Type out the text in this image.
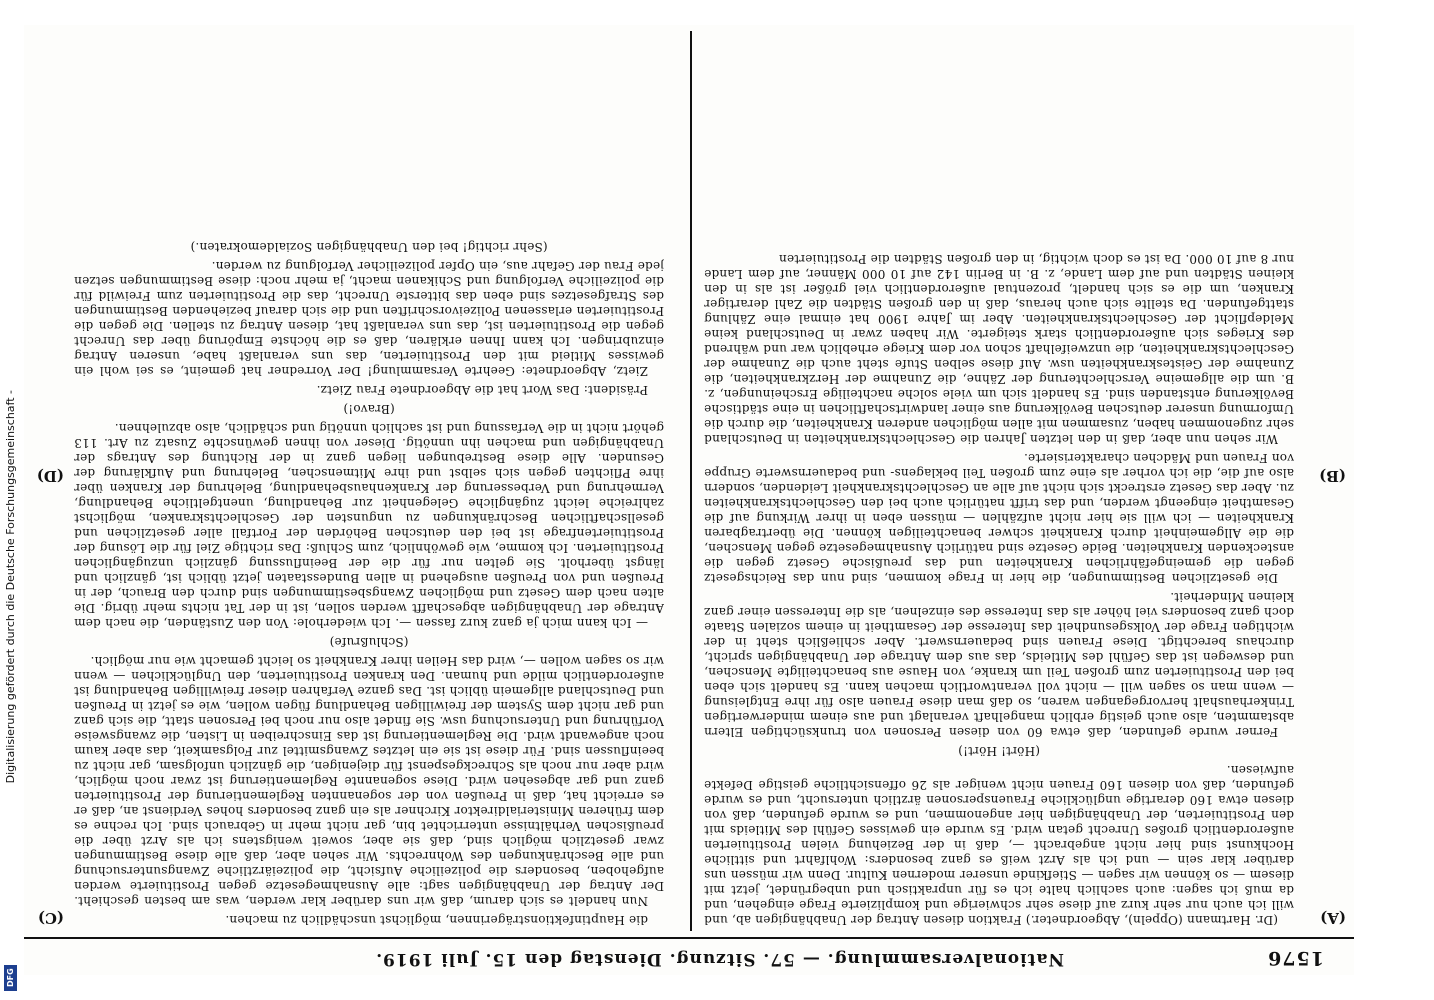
1576
Nationalversammlung. — 57. Sitzung. Dienstag den 15. Juli 1919.
(A)
(B)
(C)
(D)

(Dr. Hartmann (Oppeln), Abgeordneter.) Fraktion diesen Antrag der Unabhängigen ab, und will ich auch nur sehr kurz auf diese sehr schwierige und komplizierte Frage eingehen, und da muß ich sagen: auch sachlich halte ich es für unpraktisch und unbegründet, jetzt mit diesem — so können wir sagen — Stiefkinde unserer modernen Kultur. Denn wir müssen uns darüber klar sein — und ich als Arzt weiß es ganz besonders: Wohlfahrt und sittliche Hochkunst sind hier nicht angebracht —, daß in der Beziehung vielen Prostituierten außerordentlich großes Unrecht getan wird. Es wurde ein gewisses Gefühl des Mitleids mit den Prostituierten, der Unabhängigen hier angenommen, und es wurde gefunden, daß von diesen etwa 160 derartige unglückliche Frauenspersonen ärztlich untersucht, und es wurde gefunden, daß von diesen 160 Frauen nicht weniger als 26 offensichtliche geistige Defekte aufwiesen.

(Hört! Hört!)

Ferner wurde gefunden, daß etwa 60 von diesen Personen von trunksüchtigen Eltern abstammten, also auch geistig erblich mangelhaft veranlagt und aus einem minderwertigen Trinkerhaushalt hervorgegangen waren, so daß man diese Frauen also für ihre Entgleisung — wenn man so sagen will — nicht voll verantwortlich machen kann. Es handelt sich eben bei den Prostituierten zum großen Teil um kranke, von Hause aus benachteiligte Menschen, und deswegen ist das Gefühl des Mitleids, das aus dem Antrage der Unabhängigen spricht, durchaus berechtigt. Diese Frauen sind bedauernswert. Aber schließlich steht in der wichtigen Frage der Volksgesundheit das Interesse der Gesamtheit in einem sozialen Staate doch ganz besonders viel höher als das Interesse des einzelnen, als die Interessen einer ganz kleinen Minderheit.

Die gesetzlichen Bestimmungen, die hier in Frage kommen, sind nun das Reichsgesetz gegen die gemeingefährlichen Krankheiten und das preußische Gesetz gegen die ansteckenden Krankheiten. Beide Gesetze sind natürlich Ausnahmegesetze gegen Menschen, die die Allgemeinheit durch Krankheit schwer benachteiligen können. Die übertragbaren Krankheiten — ich will sie hier nicht aufzählen — müssen eben in ihrer Wirkung auf die Gesamtheit eingeengt werden, und das trifft natürlich auch bei den Geschlechtskrankheiten zu. Aber das Gesetz erstreckt sich nicht auf alle an Geschlechtskrankheit Leidenden, sondern also auf die, die ich vorher als eine zum großen Teil beklagens- und bedauernswerte Gruppe von Frauen und Mädchen charakterisierte.

Wir sehen nun aber, daß in den letzten Jahren die Geschlechtskrankheiten in Deutschland sehr zugenommen haben, zusammen mit allen möglichen anderen Krankheiten, die durch die Umformung unserer deutschen Bevölkerung aus einer landwirtschaftlichen in eine städtische Bevölkerung entstanden sind. Es handelt sich um viele solche nachteilige Erscheinungen, z. B. um die allgemeine Verschlechterung der Zähne, die Zunahme der Herzkrankheiten, die Zunahme der Geisteskrankheiten usw. Auf diese selben Stufe steht auch die Zunahme der Geschlechtskrankheiten, die unzweifelhaft schon vor dem Kriege erheblich war und während des Krieges sich außerordentlich stark steigerte. Wir haben zwar in Deutschland keine Meldepflicht der Geschlechtskrankheiten. Aber im Jahre 1900 hat einmal eine Zählung stattgefunden. Da stellte sich auch heraus, daß in den großen Städten die Zahl derartiger Kranken, um die es sich handelt, prozentual außerordentlich viel größer ist als in den kleinen Städten und auf dem Lande, z. B. in Berlin 142 auf 10 000 Männer, auf dem Lande nur 8 auf 10 000. Da ist es doch wichtig, in den großen Städten die Prostituierten

die Hauptinfektionsträgerinnen, möglichst unschädlich zu machen.

Nun handelt es sich darum, daß wir uns darüber klar werden, was am besten geschieht. Der Antrag der Unabhängigen sagt: alle Ausnahmegesetze gegen Prostituierte werden aufgehoben, besonders die polizeiliche Aufsicht, die polizeiärztliche Zwangsuntersuchung und alle Beschränkungen des Wohnrechts. Wir sehen aber, daß alle diese Bestimmungen zwar gesetzlich möglich sind, daß sie aber, soweit wenigstens ich als Arzt über die preußischen Verhältnisse unterrichtet bin, gar nicht mehr in Gebrauch sind. Ich rechne es dem früheren Ministerialdirektor Kirchner als ein ganz besonders hohes Verdienst an, daß er es erreicht hat, daß in Preußen von der sogenannten Reglementierung der Prostituierten ganz und gar abgesehen wird. Diese sogenannte Reglementierung ist zwar noch möglich, wird aber nur noch als Schreckgespenst für diejenigen, die gänzlich unfolgsam, gar nicht zu beeinflussen sind. Für diese ist sie ein letztes Zwangsmittel zur Folgsamkeit, das aber kaum noch angewandt wird. Die Reglementierung ist das Einschreiben in Listen, die zwangsweise Vorführung und Untersuchung usw. Sie findet also nur noch bei Personen statt, die sich ganz und gar nicht dem System der freiwilligen Behandlung fügen wollen, wie es jetzt in Preußen und Deutschland allgemein üblich ist. Das ganze Verfahren dieser freiwilligen Behandlung ist außerordentlich milde und human. Den kranken Prostituierten, den Unglücklichen — wenn wir so sagen wollen —, wird das Heilen ihrer Krankheit so leicht gemacht wie nur möglich.

(Schlußrufe)

— Ich kann mich ja ganz kurz fassen —. Ich wiederhole: Von den Zuständen, die nach dem Antrage der Unabhängigen abgeschafft werden sollen, ist in der Tat nichts mehr übrig. Die alten nach dem Gesetz und möglichen Zwangsbestimmungen sind durch den Brauch, der in Preußen und von Preußen ausgehend in allen Bundesstaaten jetzt üblich ist, gänzlich und längst überholt. Sie gelten nur für die der Beeinflussung gänzlich unzugänglichen Prostituierten. Ich komme, wie gewöhnlich, zum Schluß: Das richtige Ziel für die Lösung der Prostituiertenfrage ist bei den deutschen Behörden der Fortfall aller gesetzlichen und gesellschaftlichen Beschränkungen zu ungunsten der Geschlechtskranken, möglichst zahlreiche leicht zugängliche Gelegenheit zur Behandlung, unentgeltliche Behandlung, Vermehrung und Verbesserung der Krankenhausbehandlung, Belehrung der Kranken über ihre Pflichten gegen sich selbst und ihre Mitmenschen, Belehrung und Aufklärung der Gesunden. Alle diese Bestrebungen liegen ganz in der Richtung des Antrags der Unabhängigen und machen ihn unnötig. Dieser von ihnen gewünschte Zusatz zu Art. 113 gehört nicht in die Verfassung und ist sachlich unnötig und schädlich, also abzulehnen.

(Bravo!)

Präsident: Das Wort hat die Abgeordnete Frau Zietz.

Zietz, Abgeordnete: Geehrte Versammlung! Der Vorredner hat gemeint, es sei wohl ein gewisses Mitleid mit den Prostituierten, das uns veranlaßt habe, unseren Antrag einzubringen. Ich kann Ihnen erklären, daß es die höchste Empörung über das Unrecht gegen die Prostituierten ist, das uns veranlaßt hat, diesen Antrag zu stellen. Die gegen die Prostituierten erlassenen Polizeivorschriften und die sich darauf beziehenden Bestimmungen des Strafgesetzes sind eben das bitterste Unrecht, das die Prostituierten zum Freiwild für die polizeiliche Verfolgung und Schikanen macht, ja mehr noch: diese Bestimmungen setzen jede Frau der Gefahr aus, ein Opfer polizeilicher Verfolgung zu werden.

(Sehr richtig! bei den Unabhängigen Sozialdemokraten.)

DFG
Digitalisierung gefördert durch die Deutsche Forschungsgemeinschaft -
